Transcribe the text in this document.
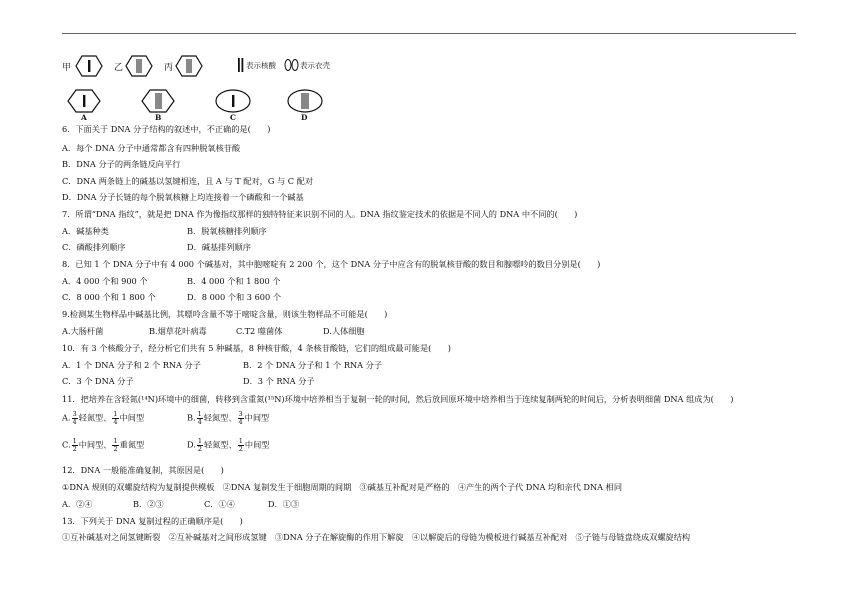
甲	乙	丙	表示核酸	表示衣壳
A	B	C	D
6．下面关于 DNA 分子结构的叙述中，不正确的是(　　)
A．每个 DNA 分子中通常都含有四种脱氧核苷酸
B．DNA 分子的两条链反向平行
C．DNA 两条链上的碱基以氢键相连，且 A 与 T 配对，G 与 C 配对
D．DNA 分子长链的每个脱氧核糖上均连接着一个磷酸和一个碱基
7．所谓“DNA 指纹”，就是把 DNA 作为像指纹那样的独特特征来识别不同的人。DNA 指纹鉴定技术的依据是不同人的 DNA 中不同的(　　)
A．碱基种类	B．脱氧核糖排列顺序
C．磷酸排列顺序	D．碱基排列顺序
8．已知 1 个 DNA 分子中有 4 000 个碱基对，其中胞嘧啶有 2 200 个，这个 DNA 分子中应含有的脱氧核苷酸的数目和腺嘌呤的数目分别是(　　)
A．4 000 个和 900 个	B．4 000 个和 1 800 个
C．8 000 个和 1 800 个	D．8 000 个和 3 600 个
9.检测某生物样品中碱基比例，其嘌呤含量不等于嘧啶含量，则该生物样品不可能是(　　)
A.大肠杆菌	B.烟草花叶病毒	C.T2 噬菌体	D.人体细胞
10．有 3 个核酸分子，经分析它们共有 5 种碱基，8 种核苷酸，4 条核苷酸链，它们的组成最可能是(　　)
A．1 个 DNA 分子和 2 个 RNA 分子	B．2 个 DNA 分子和 1 个 RNA 分子
C．3 个 DNA 分子	D．3 个 RNA 分子
11．把培养在含轻氮(¹⁴N)环境中的细菌，转移到含重氮(¹⁵N)环境中培养相当于复制一轮的时间，然后放回原环境中培养相当于连续复制两轮的时间后，分析表明细菌 DNA 组成为(　　)
A. $\frac{3}{4}$ 轻氮型、 $\frac{1}{4}$ 中间型	B. $\frac{1}{4}$ 轻氮型、 $\frac{3}{4}$ 中间型
C. $\frac{1}{2}$ 中间型、 $\frac{1}{2}$ 重氮型	D. $\frac{1}{2}$ 轻氮型、 $\frac{1}{2}$ 中间型
12．DNA 一般能准确复制，其原因是(　　)
①DNA 规则的双螺旋结构为复制提供模板　②DNA 复制发生于细胞周期的间期　③碱基互补配对是严格的　④产生的两个子代 DNA 均和亲代 DNA 相同
A．②④	B．②③	C．①④	D．①③
13．下列关于 DNA 复制过程的正确顺序是(　　)
①互补碱基对之间氢键断裂　②互补碱基对之间形成氢键　③DNA 分子在解旋酶的作用下解旋　④以解旋后的母链为模板进行碱基互补配对　⑤子链与母链盘绕成双螺旋结构
